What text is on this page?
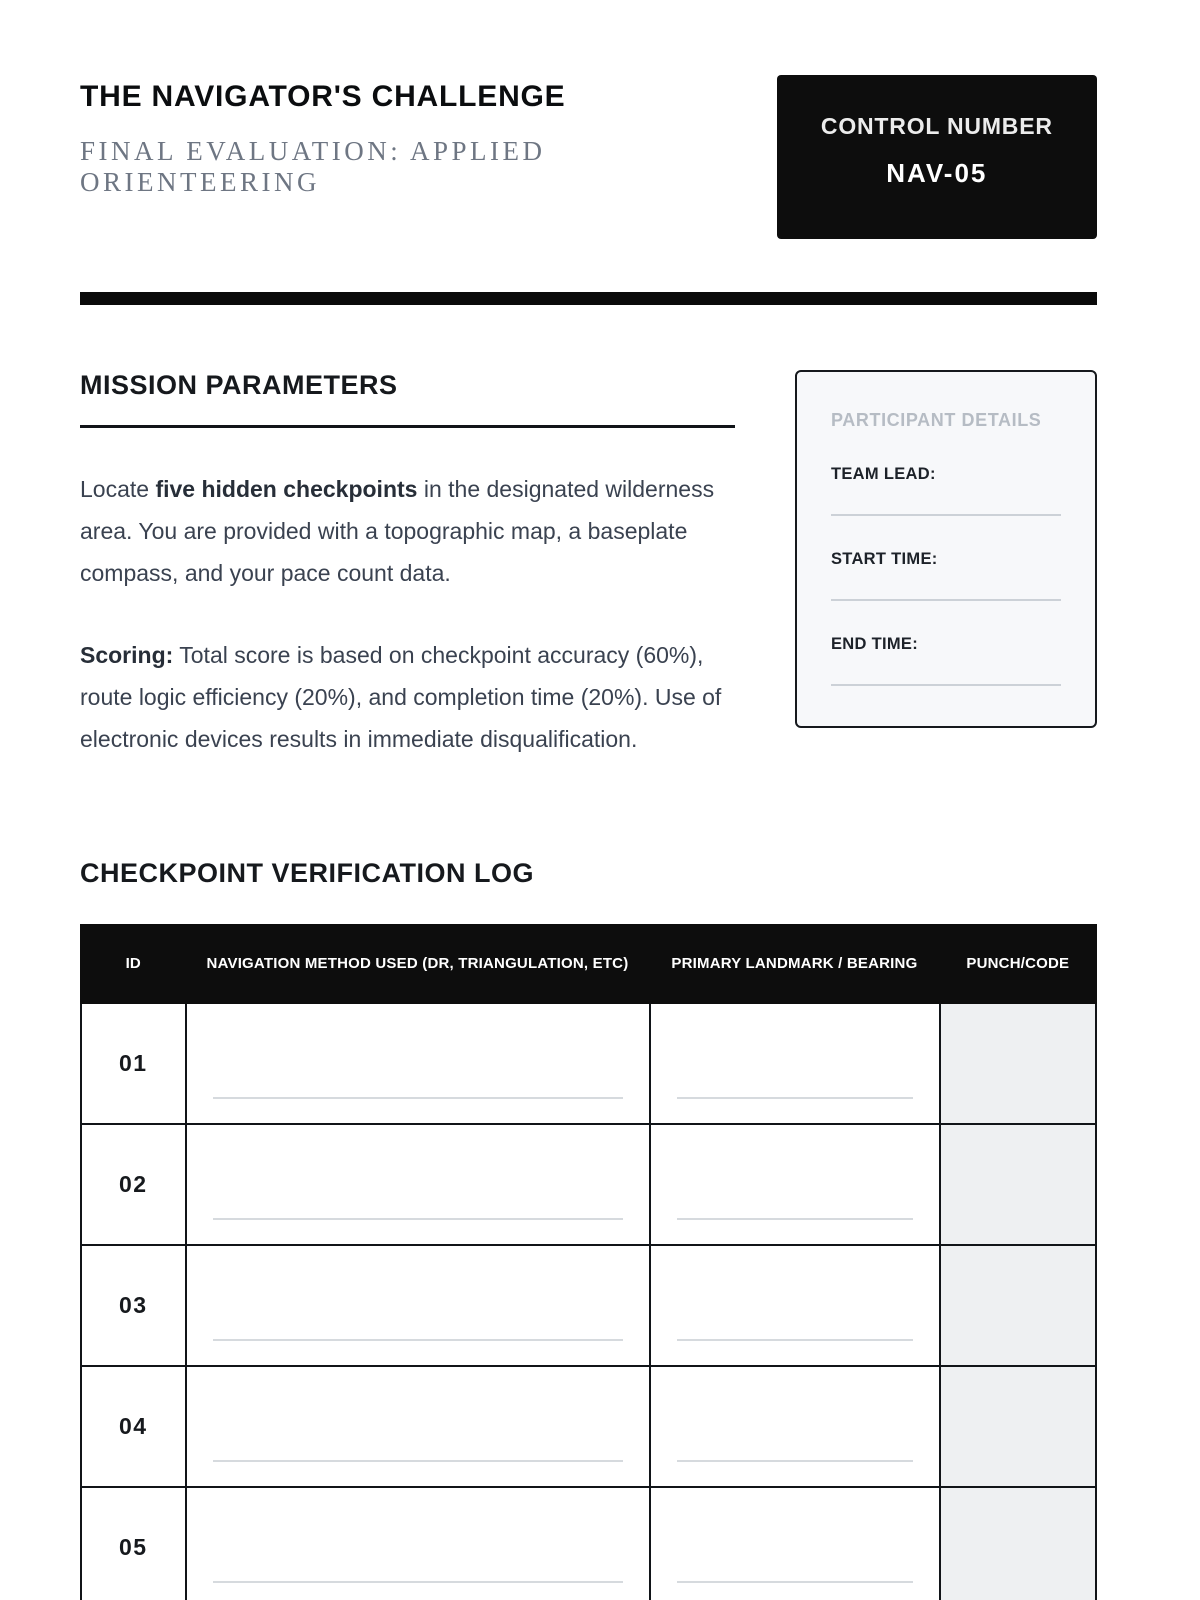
THE NAVIGATOR'S CHALLENGE
FINAL EVALUATION: APPLIED ORIENTEERING
CONTROL NUMBER
NAV-05
MISSION PARAMETERS

Locate five hidden checkpoints in the designated wilderness area. You are provided with a topographic map, a baseplate compass, and your pace count data.

Scoring: Total score is based on checkpoint accuracy (60%), route logic efficiency (20%), and completion time (20%). Use of electronic devices results in immediate disqualification.

PARTICIPANT DETAILS
TEAM LEAD:
START TIME:
END TIME:
CHECKPOINT VERIFICATION LOG
ID	NAVIGATION METHOD USED (DR, TRIANGULATION, ETC)	PRIMARY LANDMARK / BEARING	PUNCH/CODE
01	

02	

03	

04	

05	
